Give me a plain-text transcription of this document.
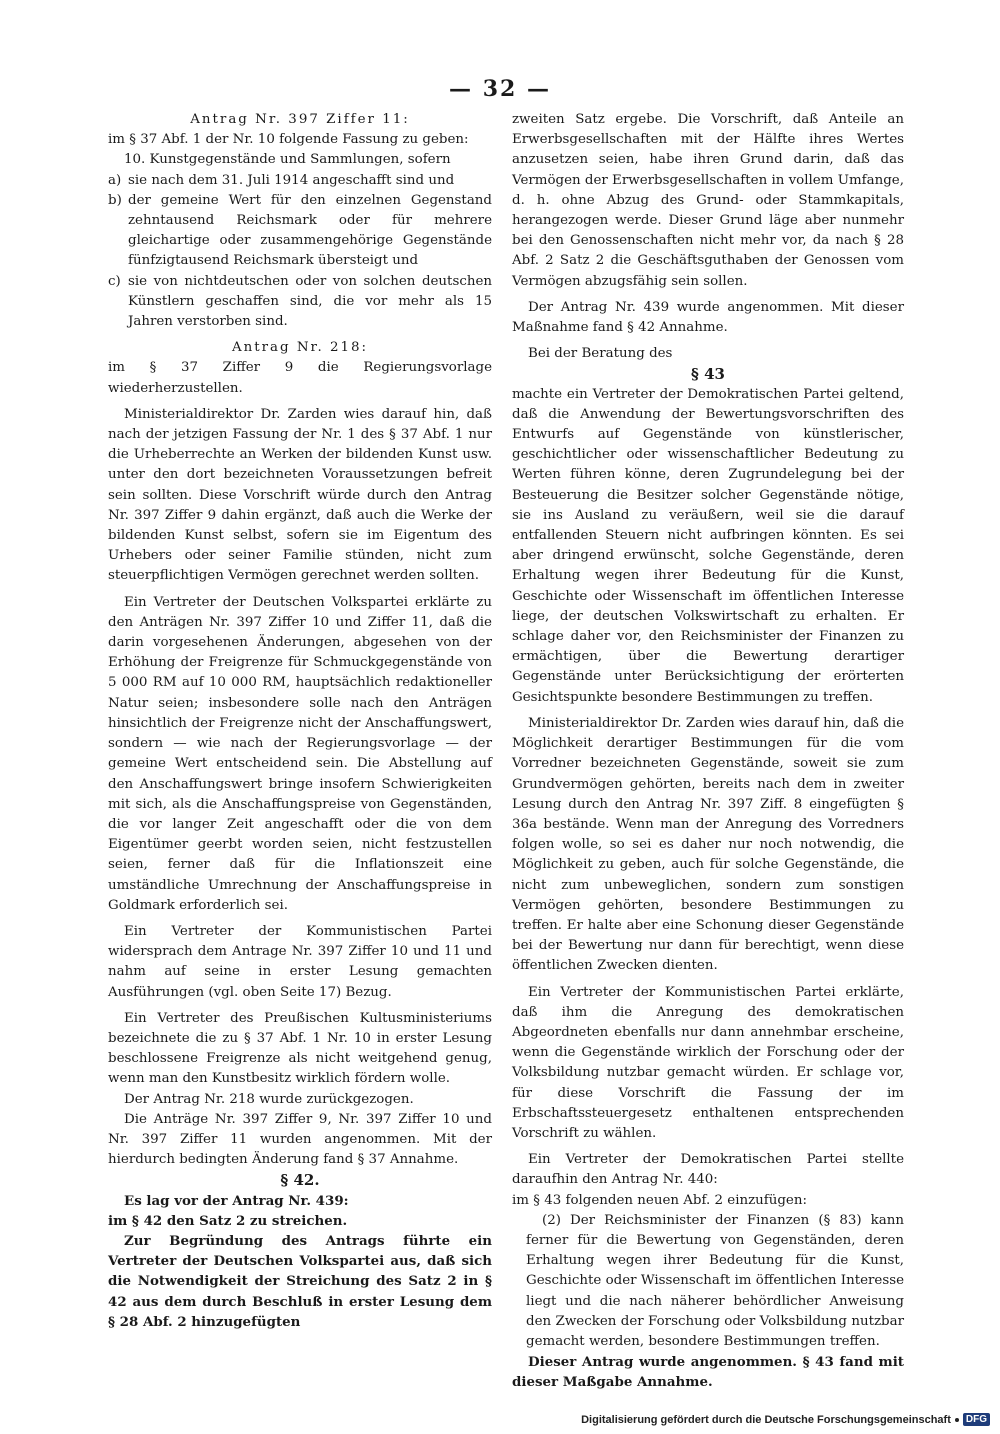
— 32 —

Antrag Nr. 397 Ziffer 11:

im § 37 Abf. 1 der Nr. 10 folgende Fassung zu geben:

10. Kunstgegenstände und Sammlungen, sofern

a) sie nach dem 31. Juli 1914 angeschafft sind und
b) der gemeine Wert für den einzelnen Gegenstand zehntausend Reichsmark oder für mehrere gleichartige oder zusammengehörige Gegenstände fünfzigtausend Reichsmark übersteigt und
c) sie von nichtdeutschen oder von solchen deutschen Künstlern geschaffen sind, die vor mehr als 15 Jahren verstorben sind.

Antrag Nr. 218:

im § 37 Ziffer 9 die Regierungsvorlage wiederherzustellen.

Ministerialdirektor Dr. Zarden wies darauf hin, daß nach der jetzigen Fassung der Nr. 1 des § 37 Abf. 1 nur die Urheberrechte an Werken der bildenden Kunst usw. unter den dort bezeichneten Voraussetzungen befreit sein sollten. Diese Vorschrift würde durch den Antrag Nr. 397 Ziffer 9 dahin ergänzt, daß auch die Werke der bildenden Kunst selbst, sofern sie im Eigentum des Urhebers oder seiner Familie stünden, nicht zum steuerpflichtigen Vermögen gerechnet werden sollten.

Ein Vertreter der Deutschen Volkspartei erklärte zu den Anträgen Nr. 397 Ziffer 10 und Ziffer 11, daß die darin vorgesehenen Änderungen, abgesehen von der Erhöhung der Freigrenze für Schmuckgegenstände von 5 000 RM auf 10 000 RM, hauptsächlich redaktioneller Natur seien; insbesondere solle nach den Anträgen hinsichtlich der Freigrenze nicht der Anschaffungswert, sondern — wie nach der Regierungsvorlage — der gemeine Wert entscheidend sein. Die Abstellung auf den Anschaffungswert bringe insofern Schwierigkeiten mit sich, als die Anschaffungspreise von Gegenständen, die vor langer Zeit angeschafft oder die von dem Eigentümer geerbt worden seien, nicht festzustellen seien, ferner daß für die Inflationszeit eine umständliche Umrechnung der Anschaffungspreise in Goldmark erforderlich sei.

Ein Vertreter der Kommunistischen Partei widersprach dem Antrage Nr. 397 Ziffer 10 und 11 und nahm auf seine in erster Lesung gemachten Ausführungen (vgl. oben Seite 17) Bezug.

Ein Vertreter des Preußischen Kultusministeriums bezeichnete die zu § 37 Abf. 1 Nr. 10 in erster Lesung beschlossene Freigrenze als nicht weitgehend genug, wenn man den Kunstbesitz wirklich fördern wolle.

Der Antrag Nr. 218 wurde zurückgezogen.

Die Anträge Nr. 397 Ziffer 9, Nr. 397 Ziffer 10 und Nr. 397 Ziffer 11 wurden angenommen. Mit der hierdurch bedingten Änderung fand § 37 Annahme.

§ 42.

Es lag vor der Antrag Nr. 439:

im § 42 den Satz 2 zu streichen.

Zur Begründung des Antrags führte ein Vertreter der Deutschen Volkspartei aus, daß sich die Notwendigkeit der Streichung des Satz 2 in § 42 aus dem durch Beschluß in erster Lesung dem § 28 Abf. 2 hinzugefügten

zweiten Satz ergebe. Die Vorschrift, daß Anteile an Erwerbsgesellschaften mit der Hälfte ihres Wertes anzusetzen seien, habe ihren Grund darin, daß das Vermögen der Erwerbsgesellschaften in vollem Umfange, d. h. ohne Abzug des Grund- oder Stammkapitals, herangezogen werde. Dieser Grund läge aber nunmehr bei den Genossenschaften nicht mehr vor, da nach § 28 Abf. 2 Satz 2 die Geschäftsguthaben der Genossen vom Vermögen abzugsfähig sein sollen.

Der Antrag Nr. 439 wurde angenommen. Mit dieser Maßnahme fand § 42 Annahme.

Bei der Beratung des

§ 43

machte ein Vertreter der Demokratischen Partei geltend, daß die Anwendung der Bewertungsvorschriften des Entwurfs auf Gegenstände von künstlerischer, geschichtlicher oder wissenschaftlicher Bedeutung zu Werten führen könne, deren Zugrundelegung bei der Besteuerung die Besitzer solcher Gegenstände nötige, sie ins Ausland zu veräußern, weil sie die darauf entfallenden Steuern nicht aufbringen könnten. Es sei aber dringend erwünscht, solche Gegenstände, deren Erhaltung wegen ihrer Bedeutung für die Kunst, Geschichte oder Wissenschaft im öffentlichen Interesse liege, der deutschen Volkswirtschaft zu erhalten. Er schlage daher vor, den Reichsminister der Finanzen zu ermächtigen, über die Bewertung derartiger Gegenstände unter Berücksichtigung der erörterten Gesichtspunkte besondere Bestimmungen zu treffen.

Ministerialdirektor Dr. Zarden wies darauf hin, daß die Möglichkeit derartiger Bestimmungen für die vom Vorredner bezeichneten Gegenstände, soweit sie zum Grundvermögen gehörten, bereits nach dem in zweiter Lesung durch den Antrag Nr. 397 Ziff. 8 eingefügten § 36a bestände. Wenn man der Anregung des Vorredners folgen wolle, so sei es daher nur noch notwendig, die Möglichkeit zu geben, auch für solche Gegenstände, die nicht zum unbeweglichen, sondern zum sonstigen Vermögen gehörten, besondere Bestimmungen zu treffen. Er halte aber eine Schonung dieser Gegenstände bei der Bewertung nur dann für berechtigt, wenn diese öffentlichen Zwecken dienten.

Ein Vertreter der Kommunistischen Partei erklärte, daß ihm die Anregung des demokratischen Abgeordneten ebenfalls nur dann annehmbar erscheine, wenn die Gegenstände wirklich der Forschung oder der Volksbildung nutzbar gemacht würden. Er schlage vor, für diese Vorschrift die Fassung der im Erbschaftssteuergesetz enthaltenen entsprechenden Vorschrift zu wählen.

Ein Vertreter der Demokratischen Partei stellte daraufhin den Antrag Nr. 440:

im § 43 folgenden neuen Abf. 2 einzufügen:

(2) Der Reichsminister der Finanzen (§ 83) kann ferner für die Bewertung von Gegenständen, deren Erhaltung wegen ihrer Bedeutung für die Kunst, Geschichte oder Wissenschaft im öffentlichen Interesse liegt und die nach näherer behördlicher Anweisung den Zwecken der Forschung oder Volksbildung nutzbar gemacht werden, besondere Bestimmungen treffen.

Dieser Antrag wurde angenommen. § 43 fand mit dieser Maßgabe Annahme.

Digitalisierung gefördert durch die Deutsche Forschungsgemeinschaft	DFG
